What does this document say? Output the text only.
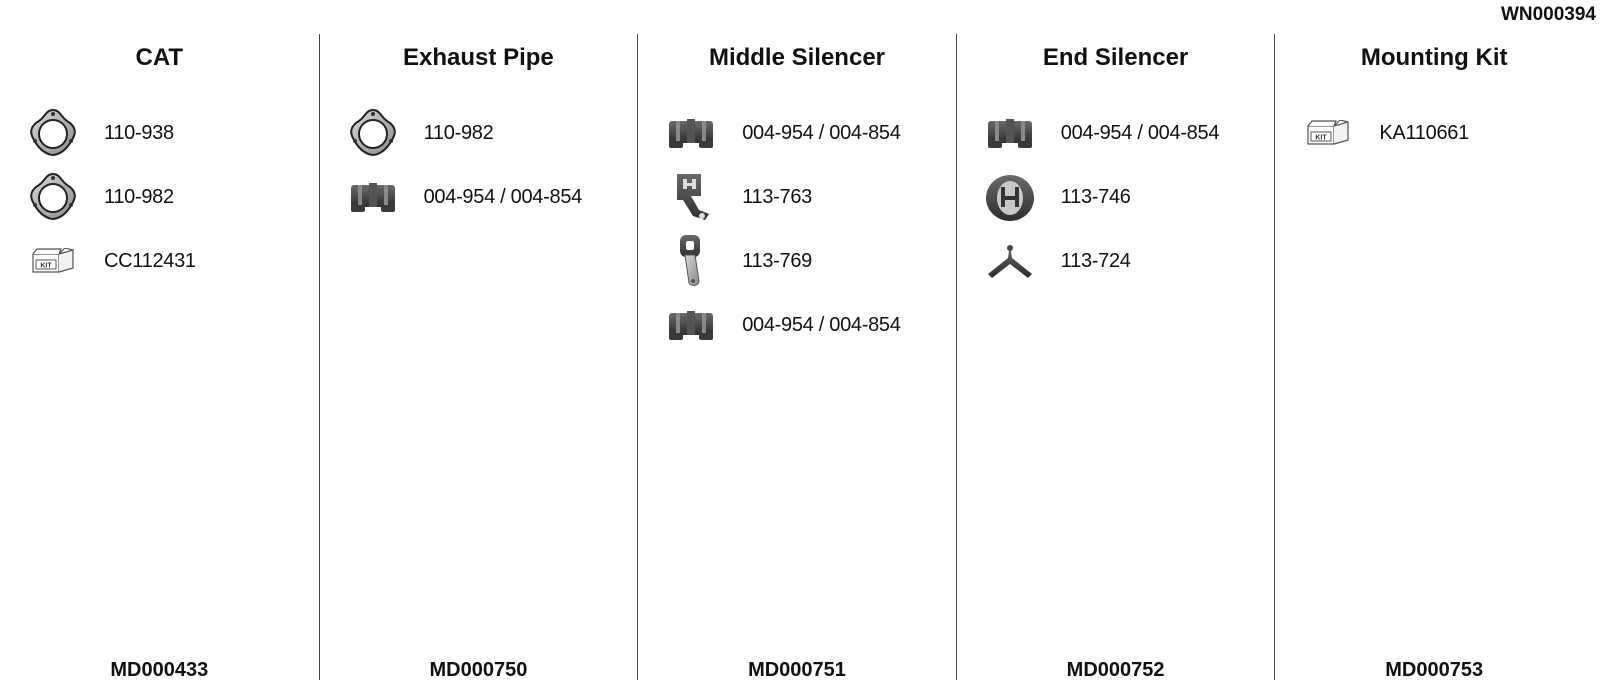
WN000394
CAT
110-938
110-982
KIT	CC112431
MD000433
Exhaust Pipe
110-982
004-954 / 004-854
MD000750
Middle Silencer
004-954 / 004-854
113-763
113-769
004-954 / 004-854
MD000751
End Silencer
004-954 / 004-854
113-746
113-724
MD000752
Mounting Kit
KIT	KA110661
MD000753
